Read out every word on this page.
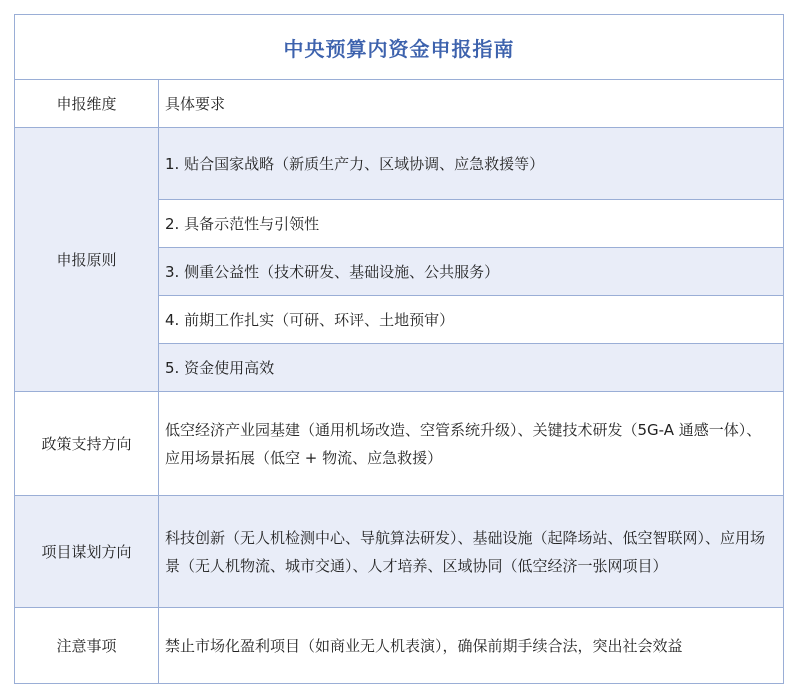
中央预算内资金申报指南
申报维度	具体要求
申报原则
1. 贴合国家战略（新质生产力、区域协调、应急救援等）
2. 具备示范性与引领性
3. 侧重公益性（技术研发、基础设施、公共服务）
4. 前期工作扎实（可研、环评、土地预审）
5. 资金使用高效
政策支持方向
低空经济产业园基建（通用机场改造、空管系统升级）、关键技术研发（5G-A 通感一体）、应用场景拓展（低空 + 物流、应急救援）
项目谋划方向
科技创新（无人机检测中心、导航算法研发）、基础设施（起降场站、低空智联网）、应用场景（无人机物流、城市交通）、人才培养、区域协同（低空经济一张网项目）
注意事项	禁止市场化盈利项目（如商业无人机表演），确保前期手续合法，突出社会效益
